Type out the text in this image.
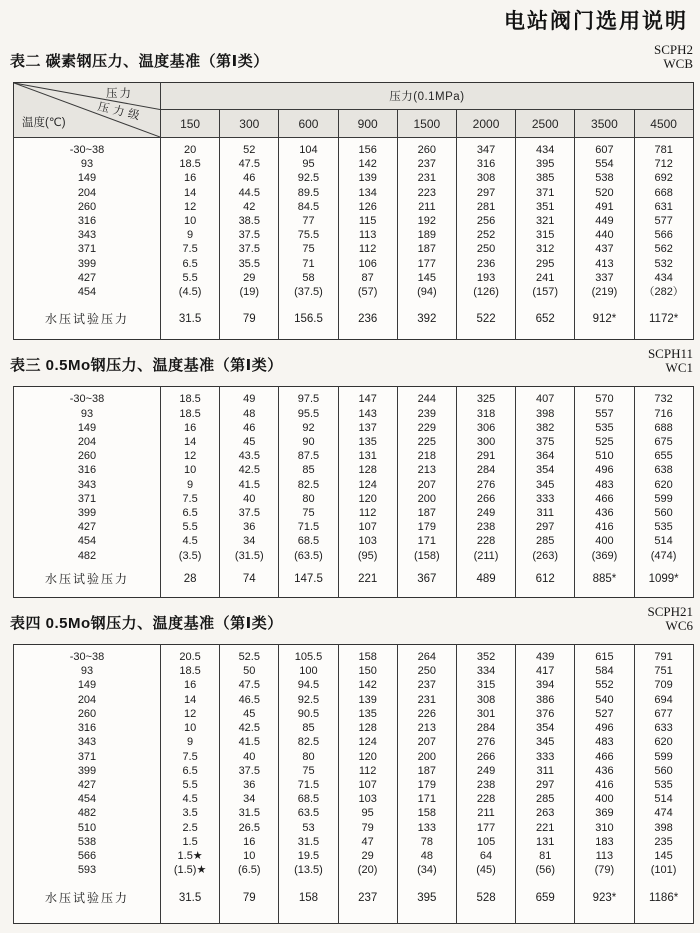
电站阀门选用说明
表二 碳素钢压力、温度基准（第Ⅰ类）
SCPH2
WCB
压力
压力级
温度(℃)	压力(0.1MPa)								
	150	300	600	900	1500	2000	2500	3500	4500
-30~38	20	52	104	156	260	347	434	607	781
93	18.5	47.5	95	142	237	316	395	554	712
149	16	46	92.5	139	231	308	385	538	692
204	14	44.5	89.5	134	223	297	371	520	668
260	12	42	84.5	126	211	281	351	491	631
316	10	38.5	77	115	192	256	321	449	577
343	9	37.5	75.5	113	189	252	315	440	566
371	7.5	37.5	75	112	187	250	312	437	562
399	6.5	35.5	71	106	177	236	295	413	532
427	5.5	29	58	87	145	193	241	337	434
454	(4.5)	(19)	(37.5)	(57)	(94)	(126)	(157)	(219)	（282）
水压试验压力	31.5	79	156.5	236	392	522	652	912*	1172*
表三 0.5Mo钢压力、温度基准（第Ⅰ类）
SCPH11
WC1
-30~38	18.5	49	97.5	147	244	325	407	570	732
93	18.5	48	95.5	143	239	318	398	557	716
149	16	46	92	137	229	306	382	535	688
204	14	45	90	135	225	300	375	525	675
260	12	43.5	87.5	131	218	291	364	510	655
316	10	42.5	85	128	213	284	354	496	638
343	9	41.5	82.5	124	207	276	345	483	620
371	7.5	40	80	120	200	266	333	466	599
399	6.5	37.5	75	112	187	249	311	436	560
427	5.5	36	71.5	107	179	238	297	416	535
454	4.5	34	68.5	103	171	228	285	400	514
482	(3.5)	(31.5)	(63.5)	(95)	(158)	(211)	(263)	(369)	(474)
水压试验压力	28	74	147.5	221	367	489	612	885*	1099*
表四 0.5Mo钢压力、温度基准（第Ⅰ类）
SCPH21
WC6
-30~38	20.5	52.5	105.5	158	264	352	439	615	791
93	18.5	50	100	150	250	334	417	584	751
149	16	47.5	94.5	142	237	315	394	552	709
204	14	46.5	92.5	139	231	308	386	540	694
260	12	45	90.5	135	226	301	376	527	677
316	10	42.5	85	128	213	284	354	496	633
343	9	41.5	82.5	124	207	276	345	483	620
371	7.5	40	80	120	200	266	333	466	599
399	6.5	37.5	75	112	187	249	311	436	560
427	5.5	36	71.5	107	179	238	297	416	535
454	4.5	34	68.5	103	171	228	285	400	514
482	3.5	31.5	63.5	95	158	211	263	369	474
510	2.5	26.5	53	79	133	177	221	310	398
538	1.5	16	31.5	47	78	105	131	183	235
566	1.5★	10	19.5	29	48	64	81	113	145
593	(1.5)★	(6.5)	(13.5)	(20)	(34)	(45)	(56)	(79)	(101)
水压试验压力	31.5	79	158	237	395	528	659	923*	1186*
